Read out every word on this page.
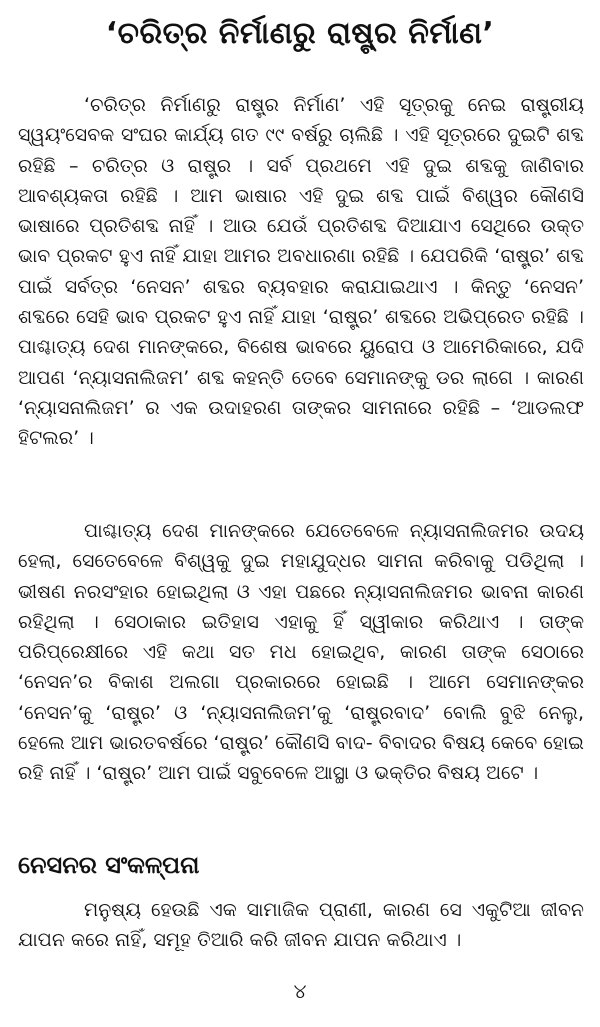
‘ଚରିତ୍ର ନିର୍ମାଣରୁ ରାଷ୍ଟ୍ର ନିର୍ମାଣ’

‘ଚରିତ୍ର ନିର୍ମାଣରୁ ରାଷ୍ଟ୍ର ନିର୍ମାଣ’ ଏହି ସୂତ୍ରକୁ ନେଇ ରାଷ୍ଟ୍ରୀୟ ସ୍ୱୟଂସେବକ ସଂଘର କାର୍ଯ୍ୟ ଗତ ୯୯ ବର୍ଷରୁ ଚାଲିଛି । ଏହି ସୂତ୍ରରେ ଦୁଇଟି ଶବ୍ଦ ରହିଛି – ଚରିତ୍ର ଓ ରାଷ୍ଟ୍ର । ସର୍ବ ପ୍ରଥମେ ଏହି ଦୁଇ ଶବ୍ଦକୁ ଜାଣିବାର ଆବଶ୍ୟକତା ରହିଛି । ଆମ ଭାଷାର ଏହି ଦୁଇ ଶବ୍ଦ ପାଇଁ ବିଶ୍ୱର କୌଣସି ଭାଷାରେ ପ୍ରତିଶବ୍ଦ ନାହିଁ । ଆଉ ଯେଉଁ ପ୍ରତିଶବ୍ଦ ଦିଆଯାଏ ସେଥିରେ ଉକ୍ତ ଭାବ ପ୍ରକଟ ହୁଏ ନାହିଁ ଯାହା ଆମର ଅବଧାରଣା ରହିଛି । ଯେପରିକି ‘ରାଷ୍ଟ୍ର’ ଶବ୍ଦ ପାଇଁ ସର୍ବତ୍ର ‘ନେସନ’ ଶବ୍ଦର ବ୍ୟବହାର କରାଯାଇଥାଏ । କିନ୍ତୁ ‘ନେସନ’ ଶବ୍ଦରେ ସେହି ଭାବ ପ୍ରକଟ ହୁଏ ନାହିଁ ଯାହା ‘ରାଷ୍ଟ୍ର’ ଶବ୍ଦରେ ଅଭିପ୍ରେତ ରହିଛି । ପାଶ୍ଚାତ୍ୟ ଦେଶ ମାନଙ୍କରେ, ବିଶେଷ ଭାବରେ ୟୁରୋପ ଓ ଆମେରିକାରେ, ଯଦି ଆପଣ ‘ନ୍ୟାସନାଲିଜମ’ ଶବ୍ଦ କହନ୍ତି ତେବେ ସେମାନଙ୍କୁ ଡର ଲାଗେ । କାରଣ ‘ନ୍ୟାସନାଲିଜମ’ ର ଏକ ଉଦାହରଣ ତାଙ୍କର ସାମନାରେ ରହିଛି – ‘ଆଡଲଫ ହିଟଲର’ ।

ପାଶ୍ଚାତ୍ୟ ଦେଶ ମାନଙ୍କରେ ଯେତେବେଳେ ନ୍ୟାସନାଲିଜମର ଉଦୟ ହେଲା, ସେତେବେଳେ ବିଶ୍ୱକୁ ଦୁଇ ମହାଯୁଦ୍ଧର ସାମନା କରିବାକୁ ପଡିଥିଲା । ଭୀଷଣ ନରସଂହାର ହୋଇଥିଲା ଓ ଏହା ପଛରେ ନ୍ୟାସନାଲିଜମର ଭାବନା କାରଣ ରହିଥିଲା । ସେଠାକାର ଇତିହାସ ଏହାକୁ ହିଁ ସ୍ୱୀକାର କରିଥାଏ । ତାଙ୍କ ପରିପ୍ରେକ୍ଷୀରେ ଏହି କଥା ସତ ମଧ ହୋଇଥିବ, କାରଣ ତାଙ୍କ ସେଠାରେ ‘ନେସନ’ର ବିକାଶ ଅଲଗା ପ୍ରକାରରେ ହୋଇଛି । ଆମେ ସେମାନଙ୍କର ‘ନେସନ’କୁ ‘ରାଷ୍ଟ୍ର’ ଓ ‘ନ୍ୟାସନାଲିଜମ’କୁ ‘ରାଷ୍ଟ୍ରବାଦ’ ବୋଲି ବୁଝି ନେଲୁ, ହେଲେ ଆମ ଭାରତବର୍ଷରେ ‘ରାଷ୍ଟ୍ର’ କୌଣସି ବାଦ- ବିବାଦର ବିଷୟ କେବେ ହୋଇ ରହି ନାହିଁ । ‘ରାଷ୍ଟ୍ର’ ଆମ ପାଇଁ ସବୁବେଳେ ଆସ୍ଥା ଓ ଭକ୍ତିର ବିଷୟ ଅଟେ ।

ନେସନର ସଂକଳ୍ପନା

ମନୁଷ୍ୟ ହେଉଛି ଏକ ସାମାଜିକ ପ୍ରାଣୀ, କାରଣ ସେ ଏକୁଟିଆ ଜୀବନ ଯାପନ କରେ ନାହିଁ, ସମୂହ ତିଆରି କରି ଜୀବନ ଯାପନ କରିଥାଏ ।

୪
